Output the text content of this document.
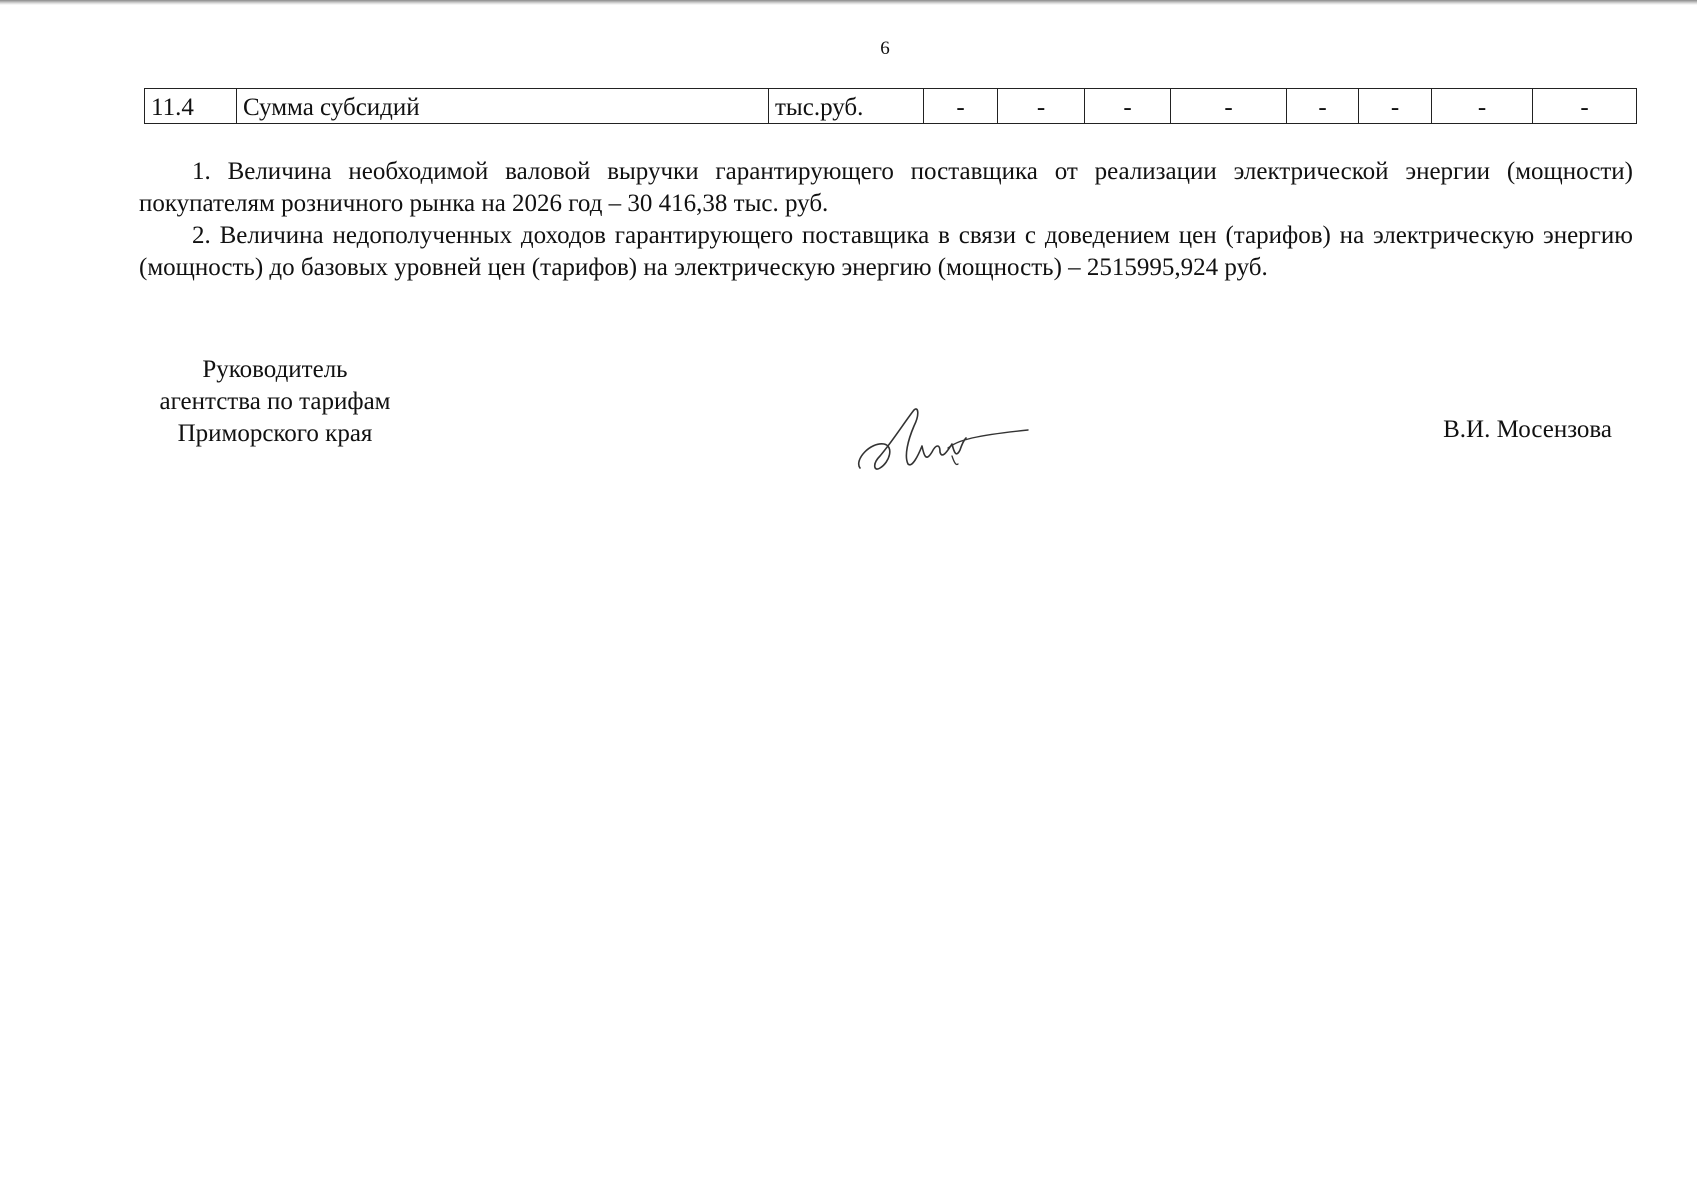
6
11.4	Сумма субсидий	тыс.руб.	-	-	-	-	-	-	-	-

1. Величина необходимой валовой выручки гарантирующего поставщика от реализации электрической энергии (мощности) покупателям розничного рынка на 2026 год – 30 416,38 тыс. руб.

2. Величина недополученных доходов гарантирующего поставщика в связи с доведением цен (тарифов) на электрическую энергию (мощность) до базовых уровней цен (тарифов) на электрическую энергию (мощность) – 2515995,924 руб.

Руководитель
агентства по тарифам
Приморского края	В.И. Мосензова
